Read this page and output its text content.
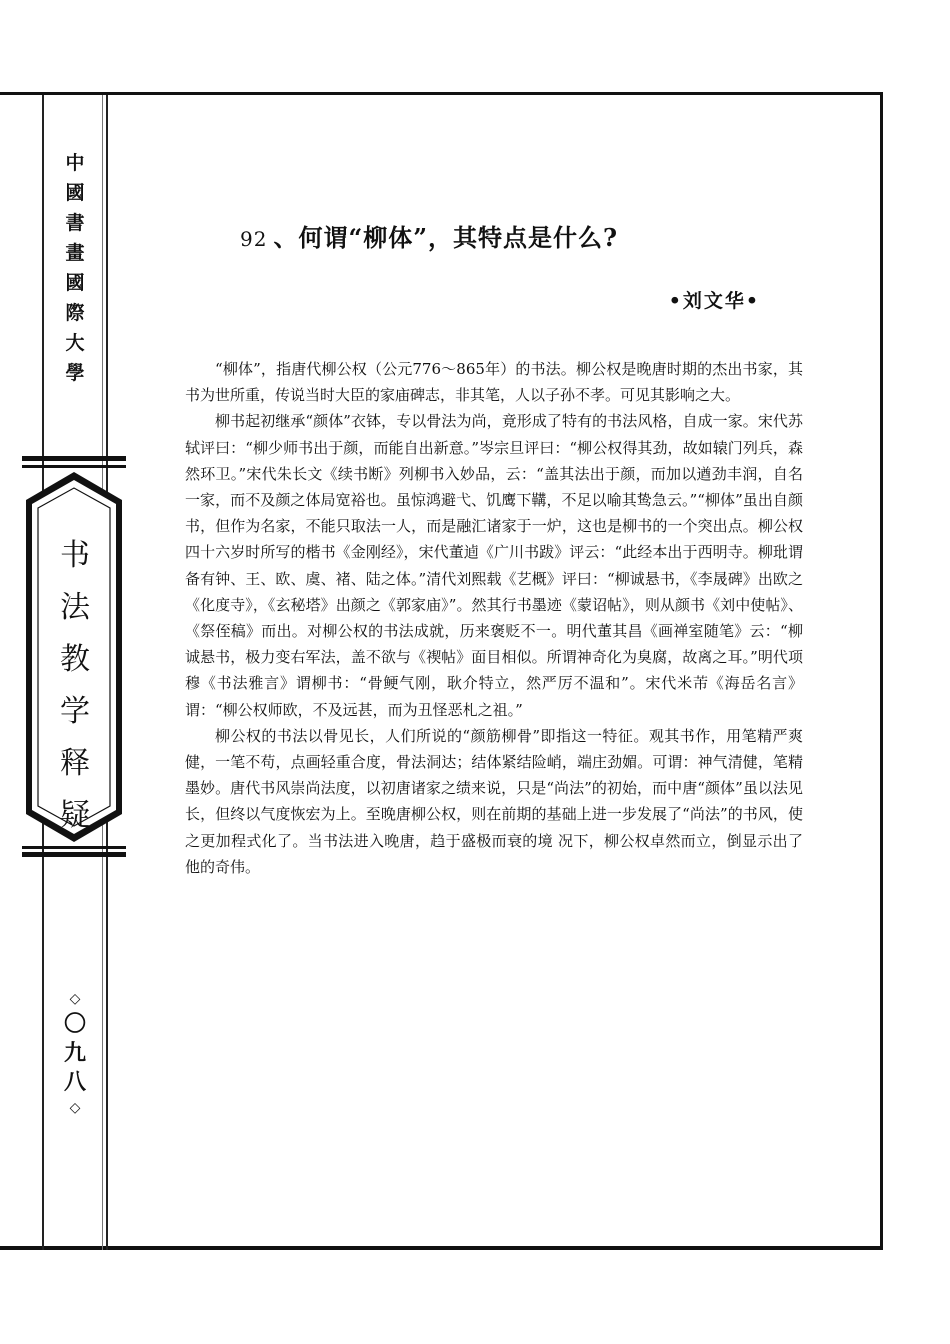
中
國
書
畫
國
際
大
學
书
法
教
学
释
疑
◇
〇
九
八
◇
92 、何谓“柳体”，其特点是什么?
•刘文华•

“柳体”，指唐代柳公权（公元776～865年）的书法。柳公权是晚唐时期的杰出书家，其书为世所重，传说当时大臣的家庙碑志，非其笔，人以子孙不孝。可见其影响之大。

柳书起初继承“颜体”衣钵，专以骨法为尚，竟形成了特有的书法风格，自成一家。宋代苏轼评曰：“柳少师书出于颜，而能自出新意。”岑宗旦评曰：“柳公权得其劲，故如辕门列兵，森然环卫。”宋代朱长文《续书断》列柳书入妙品，云：“盖其法出于颜，而加以遒劲丰润，自名一家，而不及颜之体局宽裕也。虽惊鸿避弋、饥鹰下鞲，不足以喻其鸷急云。”“柳体”虽出自颜书，但作为名家，不能只取法一人，而是融汇诸家于一炉，这也是柳书的一个突出点。柳公权四十六岁时所写的楷书《金刚经》，宋代董逌《广川书跋》评云：“此经本出于西明寺。柳玭谓备有钟、王、欧、虞、褚、陆之体。”清代刘熙载《艺概》评曰：“柳诚悬书，《李晟碑》出欧之《化度寺》，《玄秘塔》出颜之《郭家庙》”。然其行书墨迹《蒙诏帖》，则从颜书《刘中使帖》、《祭侄稿》而出。对柳公权的书法成就，历来褒贬不一。明代董其昌《画禅室随笔》云：“柳诚悬书，极力变右军法，盖不欲与《禊帖》面目相似。所谓神奇化为臭腐，故离之耳。”明代项穆《书法雅言》谓柳书：“骨鲠气刚，耿介特立，然严厉不温和”。宋代米芾《海岳名言》谓：“柳公权师欧，不及远甚，而为丑怪恶札之祖。”

柳公权的书法以骨见长，人们所说的“颜筋柳骨”即指这一特征。观其书作，用笔精严爽健，一笔不苟，点画轻重合度，骨法洞达；结体紧结险峭，端庄劲媚。可谓：神气清健，笔精墨妙。唐代书风崇尚法度，以初唐诸家之绩来说，只是“尚法”的初始，而中唐“颜体”虽以法见长，但终以气度恢宏为上。至晚唐柳公权，则在前期的基础上进一步发展了“尚法”的书风，使之更加程式化了。当书法进入晚唐，趋于盛极而衰的境 况下，柳公权卓然而立，倒显示出了他的奇伟。
